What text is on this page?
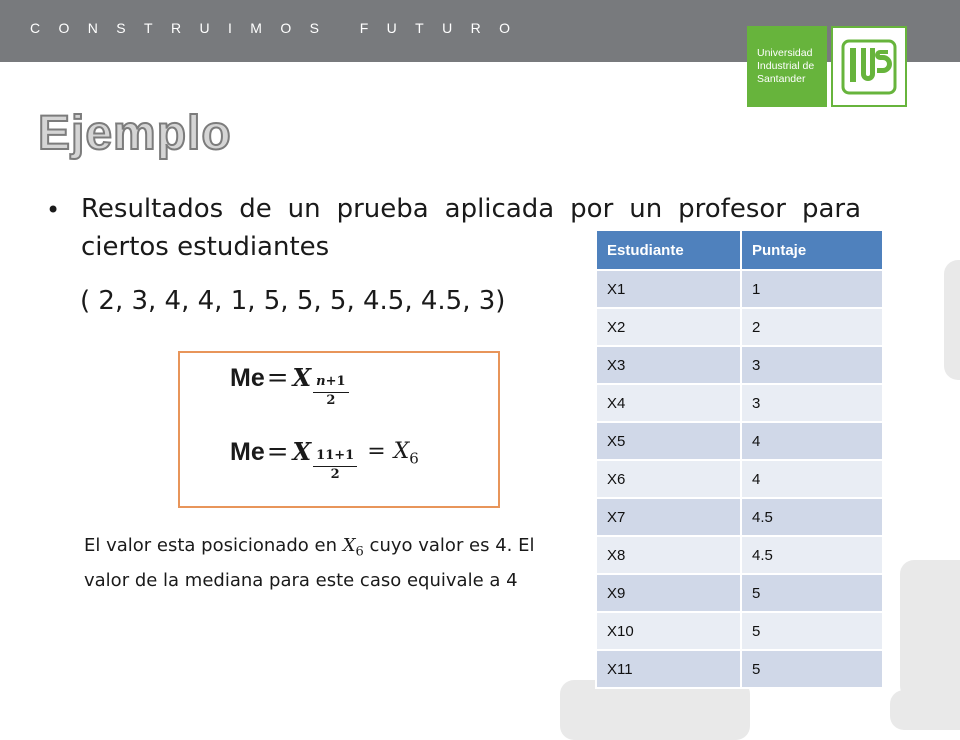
CONSTRUIMOS FUTURO
Universidad
Industrial de
Santander
Ejemplo
• Resultados de un prueba aplicada por un profesor para ciertos estudiantes
( 2, 3, 4, 4, 1, 5, 5, 5, 4.5, 4.5, 3)
Me = X $\frac{n+1}{2}$
Me = X $\frac{11+1}{2} = X_6$
El valor esta posicionado en $X_6$ cuyo valor es 4. El valor de la mediana para este caso equivale a 4
Estudiante	Puntaje
X1	1
X2	2
X3	3
X4	3
X5	4
X6	4
X7	4.5
X8	4.5
X9	5
X10	5
X11	5
